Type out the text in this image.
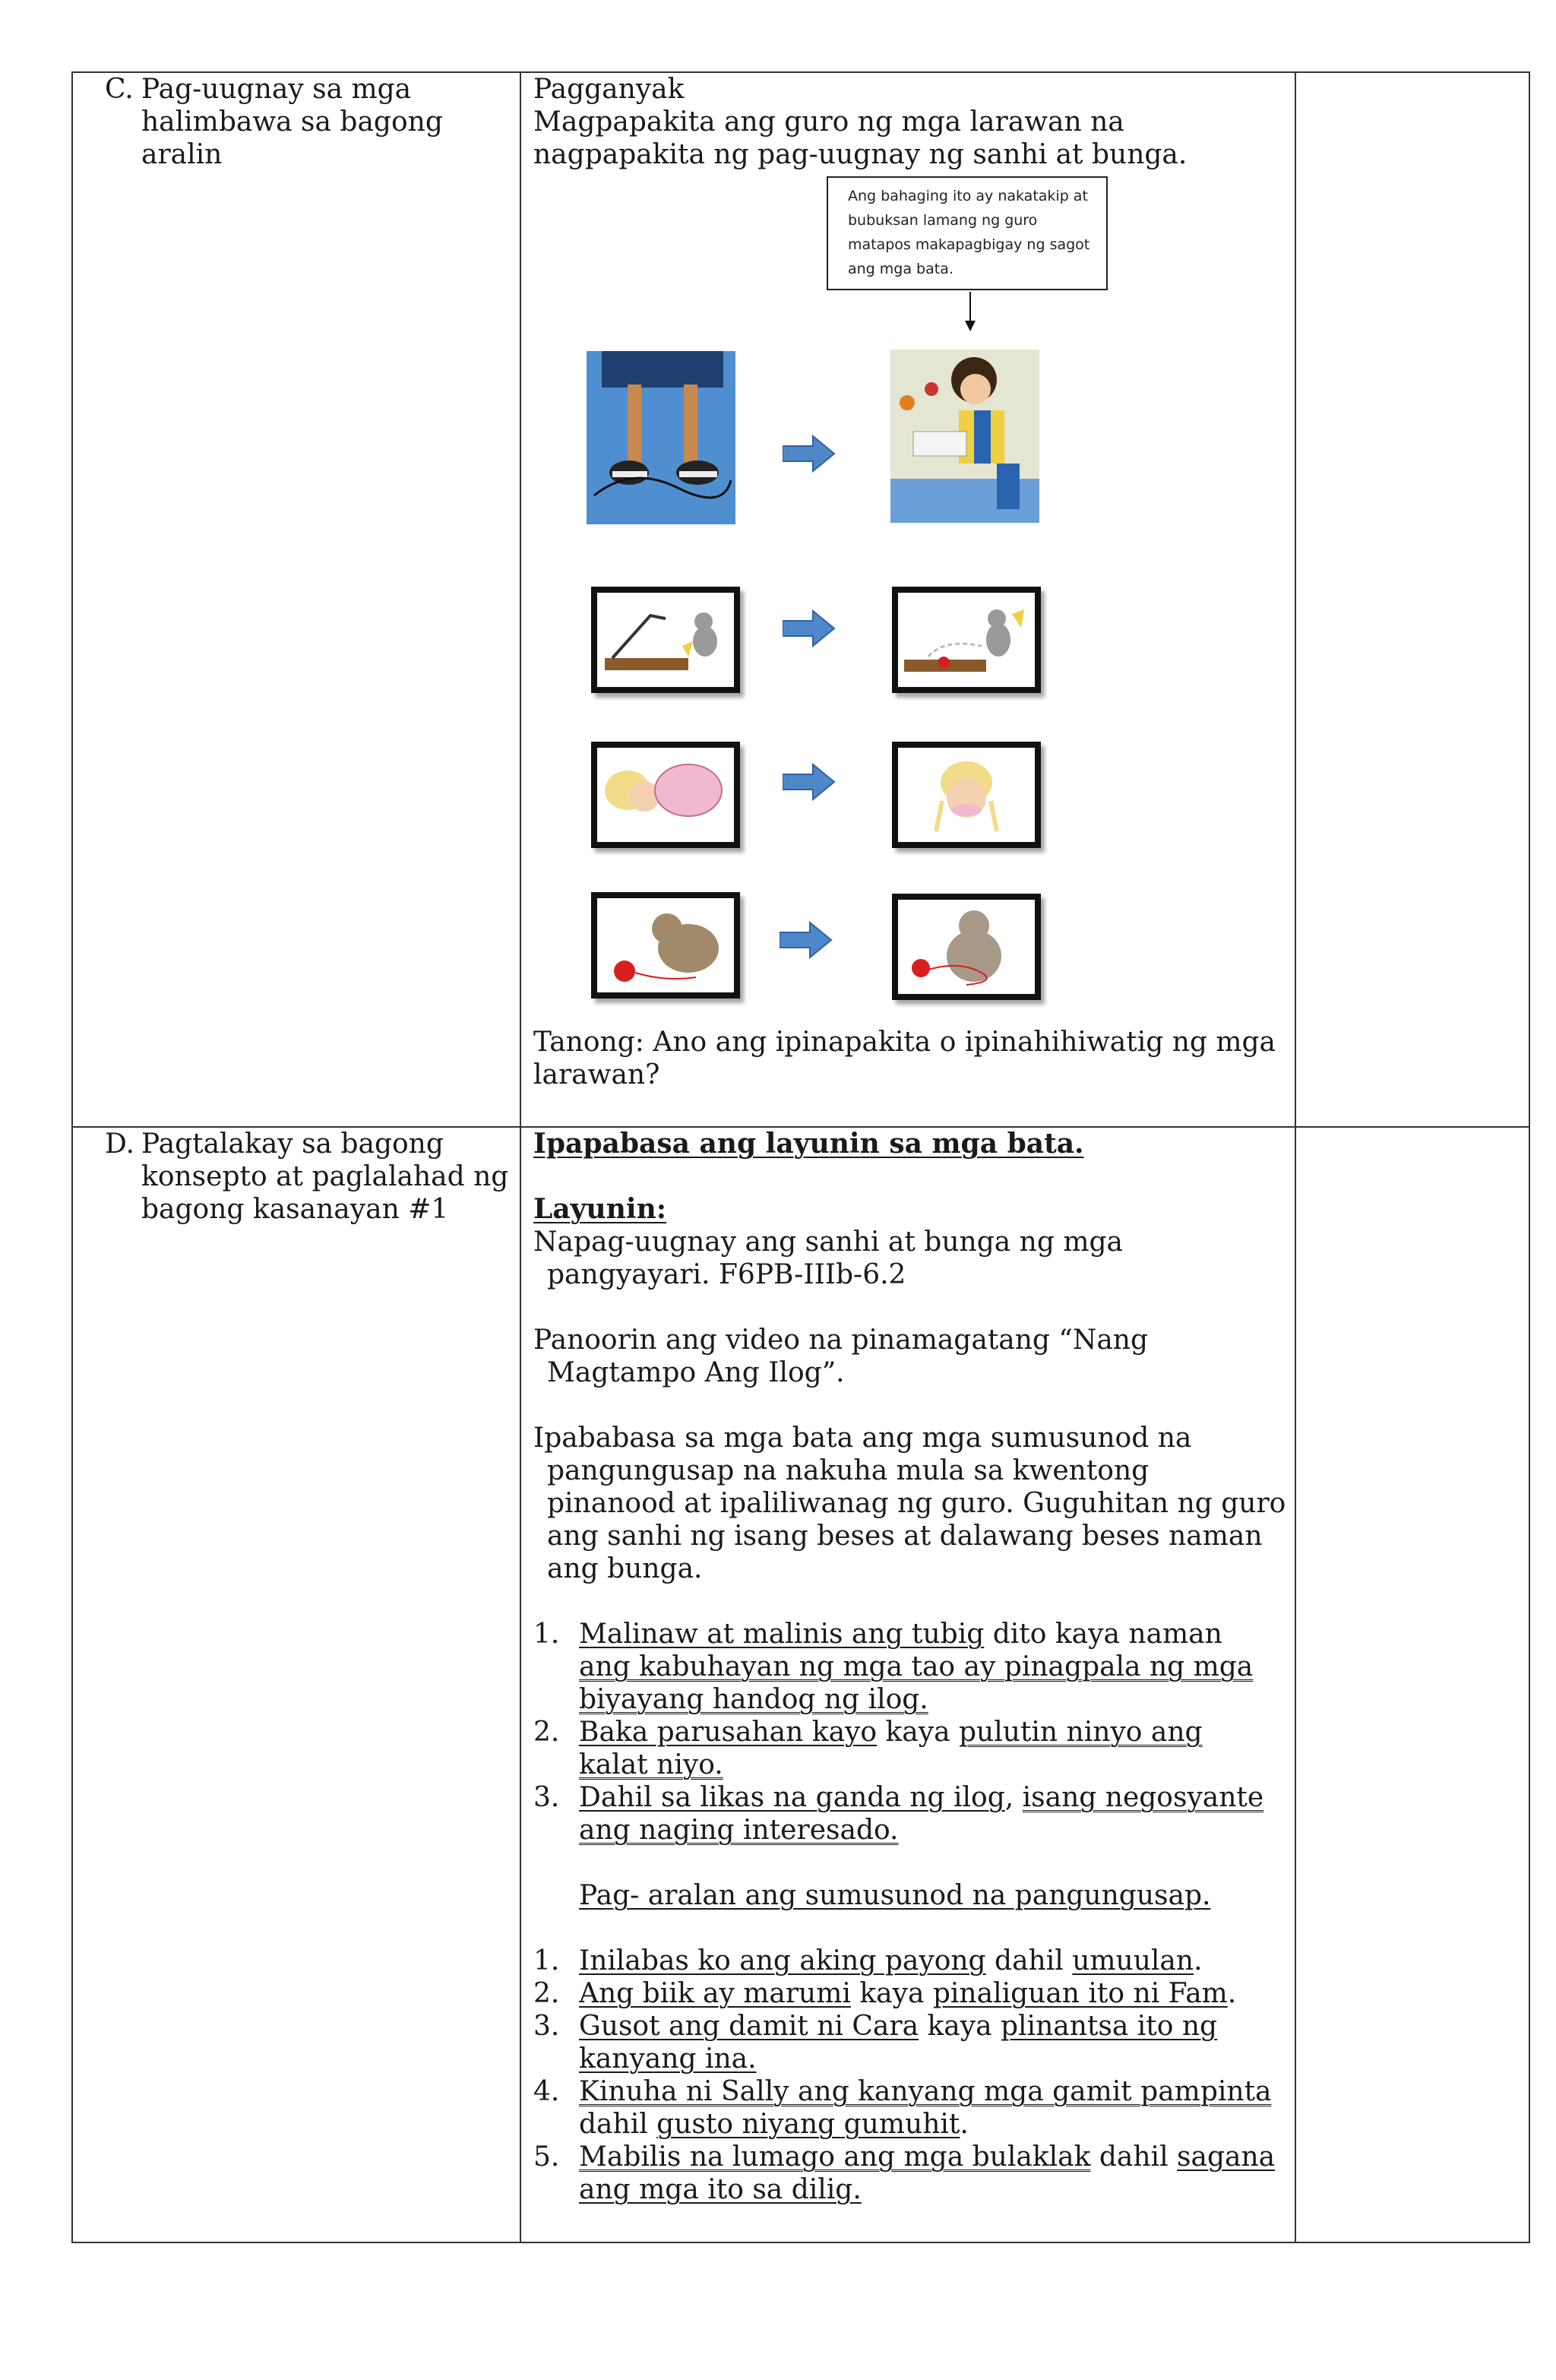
C. Pag-uugnay sa mga
halimbawa sa bagong
aralin
Pagganyak
Magpapakita ang guro ng mga larawan na
nagpapakita ng pag-uugnay ng sanhi at bunga.
Ang bahaging ito ay nakatakip at bubuksan lamang ng guro matapos makapagbigay ng sagot ang mga bata.
Tanong: Ano ang ipinapakita o ipinahihiwatig ng mga
larawan?
D. Pagtalakay sa bagong
konsepto at paglalahad ng
bagong kasanayan #1
Ipapabasa ang layunin sa mga bata.
Layunin:
Napag-uugnay ang sanhi at bunga ng mga
pangyayari. F6PB-IIIb-6.2
Panoorin ang video na pinamagatang “Nang
Magtampo Ang Ilog”.
Ipababasa sa mga bata ang mga sumusunod na
pangungusap na nakuha mula sa kwentong
pinanood at ipaliliwanag ng guro. Guguhitan ng guro
ang sanhi ng isang beses at dalawang beses naman
ang bunga.
1. Malinaw at malinis ang tubig dito kaya naman
ang kabuhayan ng mga tao ay pinagpala ng mga
biyayang handog ng ilog.
2. Baka parusahan kayo kaya pulutin ninyo ang
kalat niyo.
3. Dahil sa likas na ganda ng ilog, isang negosyante
ang naging interesado.
Pag- aralan ang sumusunod na pangungusap.
1. Inilabas ko ang aking payong dahil umuulan.
2. Ang biik ay marumi kaya pinaliguan ito ni Fam.
3. Gusot ang damit ni Cara kaya plinantsa ito ng
kanyang ina.
4. Kinuha ni Sally ang kanyang mga gamit pampinta
dahil gusto niyang gumuhit.
5. Mabilis na lumago ang mga bulaklak dahil sagana
ang mga ito sa dilig.
